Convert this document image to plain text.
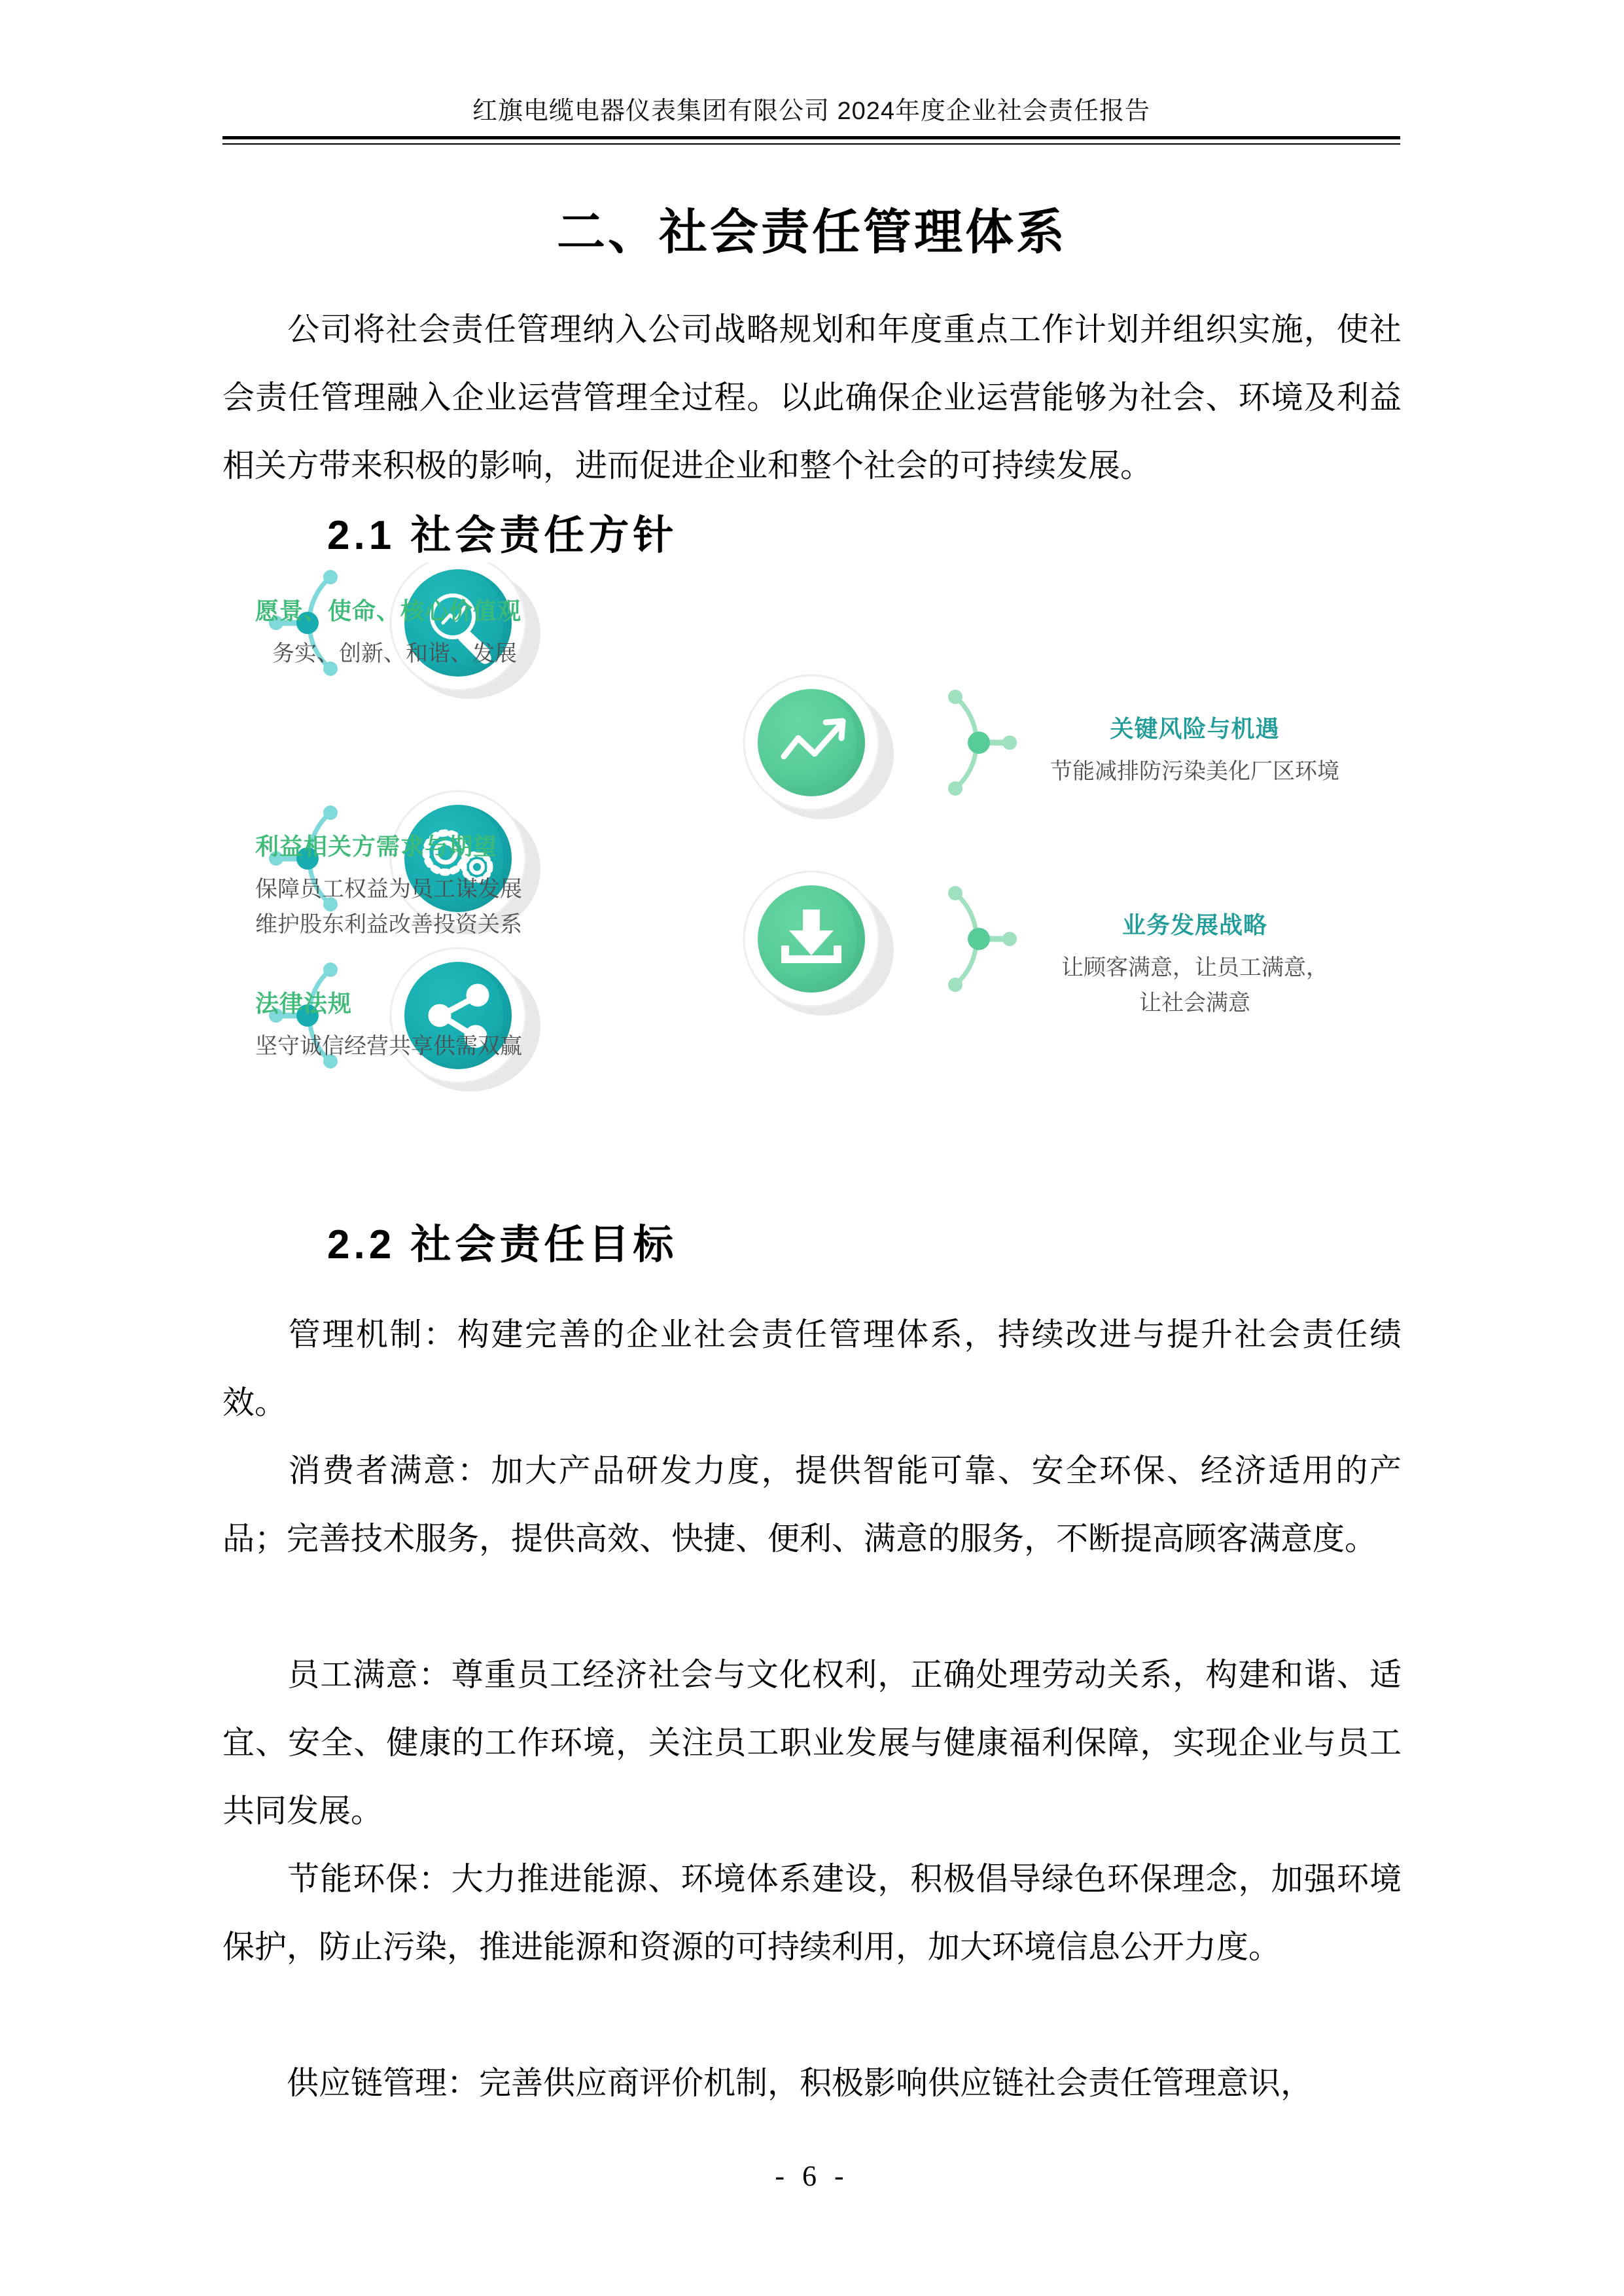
红旗电缆电器仪表集团有限公司 2024年度企业社会责任报告
二、社会责任管理体系
公司将社会责任管理纳入公司战略规划和年度重点工作计划并组织实施，使社会责任管理融入企业运营管理全过程。以此确保企业运营能够为社会、环境及利益相关方带来积极的影响，进而促进企业和整个社会的可持续发展。
2.1 社会责任方针
愿景、使命、核心价值观
务实、创新、和谐、发展
利益相关方需求与期望
保障员工权益为员工谋发展
维护股东利益改善投资关系
法律法规
坚守诚信经营共享供需双赢
关键风险与机遇
节能减排防污染美化厂区环境
业务发展战略
让顾客满意，让员工满意，
让社会满意
2.2 社会责任目标
管理机制：构建完善的企业社会责任管理体系，持续改进与提升社会责任绩效。
消费者满意：加大产品研发力度，提供智能可靠、安全环保、经济适用的产品；完善技术服务，提供高效、快捷、便利、满意的服务，不断提高顾客满意度。
员工满意：尊重员工经济社会与文化权利，正确处理劳动关系，构建和谐、适宜、安全、健康的工作环境，关注员工职业发展与健康福利保障，实现企业与员工共同发展。
节能环保：大力推进能源、环境体系建设，积极倡导绿色环保理念，加强环境保护，防止污染，推进能源和资源的可持续利用，加大环境信息公开力度。
供应链管理：完善供应商评价机制，积极影响供应链社会责任管理意识，
- 6 -
